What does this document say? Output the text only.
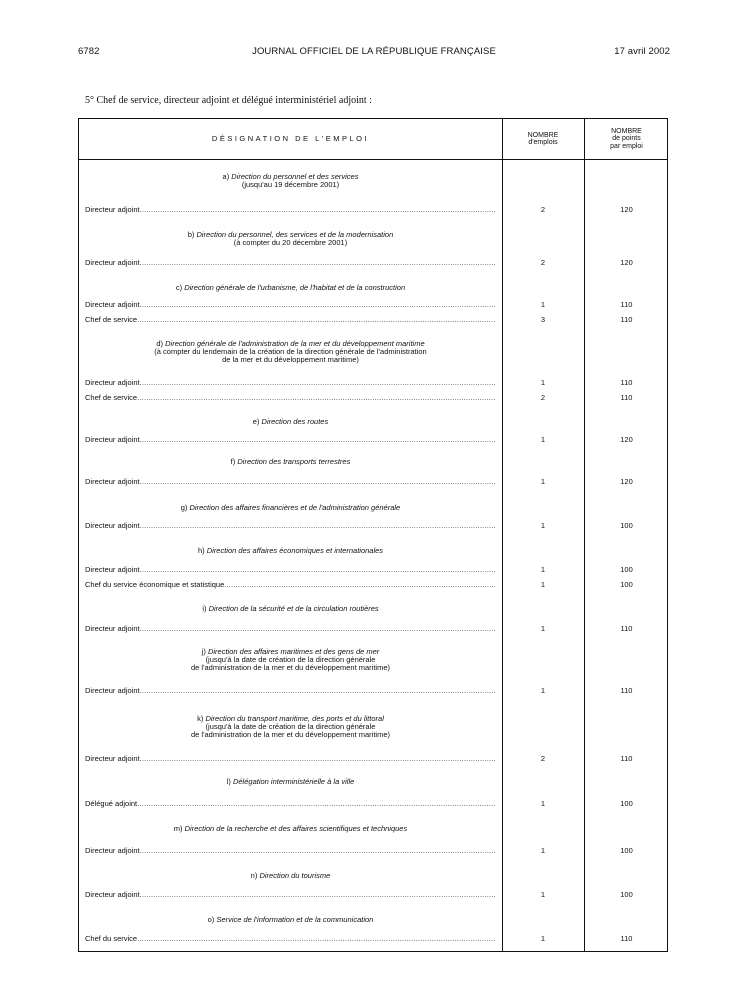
6782	JOURNAL OFFICIEL DE LA RÉPUBLIQUE FRANÇAISE	17 avril 2002
5° Chef de service, directeur adjoint et délégué interministériel adjoint :
DÉSIGNATION DE L'EMPLOI	NOMBRE
d'emplois
NOMBRE
de points
par emploi
a) Direction du personnel et des services
(jusqu'au 19 décembre 2001)
Directeur adjoint .....	2	120
b) Direction du personnel, des services et de la modernisation
(à compter du 20 décembre 2001)
Directeur adjoint .....	2	120
c) Direction générale de l'urbanisme, de l'habitat et de la construction
Directeur adjoint .....	1	110
Chef de service .....	3	110
d) Direction générale de l'administration de la mer et du développement maritime
(à compter du lendemain de la création de la direction générale de l'administration
de la mer et du développement maritime)
Directeur adjoint .....	1	110
Chef de service .....	2	110
e) Direction des routes
Directeur adjoint .....	1	120
f) Direction des transports terrestres
Directeur adjoint .....	1	120
g) Direction des affaires financières et de l'administration générale
Directeur adjoint .....	1	100
h) Direction des affaires économiques et internationales
Directeur adjoint .....	1	100
Chef du service économique et statistique .....	1	100
i) Direction de la sécurité et de la circulation routières
Directeur adjoint .....	1	110
j) Direction des affaires maritimes et des gens de mer
(jusqu'à la date de création de la direction générale
de l'administration de la mer et du développement maritime)
Directeur adjoint .....	1	110
k) Direction du transport maritime, des ports et du littoral
(jusqu'à la date de création de la direction générale
de l'administration de la mer et du développement maritime)
Directeur adjoint .....	2	110
l) Délégation interministérielle à la ville
Délégué adjoint .....	1	100
m) Direction de la recherche et des affaires scientifiques et techniques
Directeur adjoint .....	1	100
n) Direction du tourisme
Directeur adjoint .....	1	100
o) Service de l'information et de la communication
Chef du service .....	1	110
